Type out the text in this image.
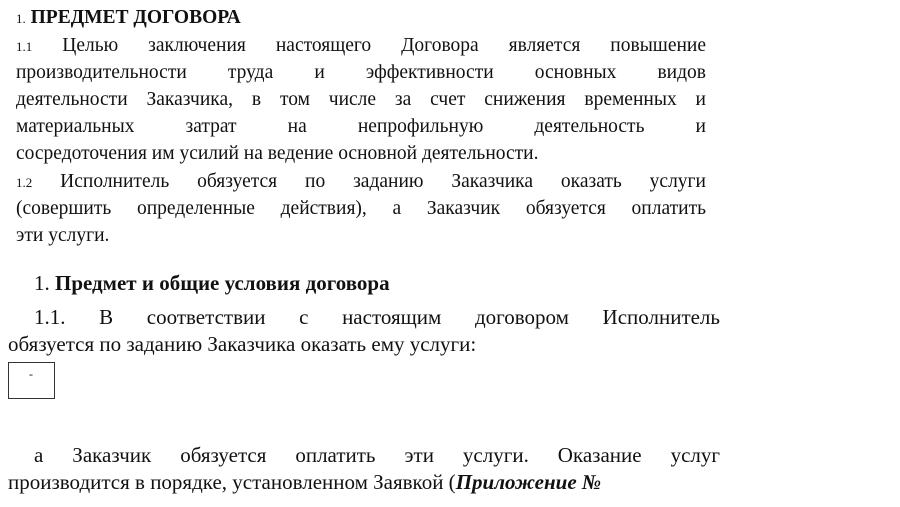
1. ПРЕДМЕТ ДОГОВОРА
1.1 Целью заключения настоящего Договора является повышение
производительности труда и эффективности основных видов
деятельности Заказчика, в том числе за счет снижения временных и
материальных затрат на непрофильную деятельность и
сосредоточения им усилий на ведение основной деятельности.
1.2 Исполнитель обязуется по заданию Заказчика оказать услуги
(совершить определенные действия), а Заказчик обязуется оплатить
эти услуги.
1. Предмет и общие условия договора
1.1. В соответствии с настоящим договором Исполнитель
обязуется по заданию Заказчика оказать ему услуги:
-
а Заказчик обязуется оплатить эти услуги. Оказание услуг
производится в порядке, установленном Заявкой (Приложение №
